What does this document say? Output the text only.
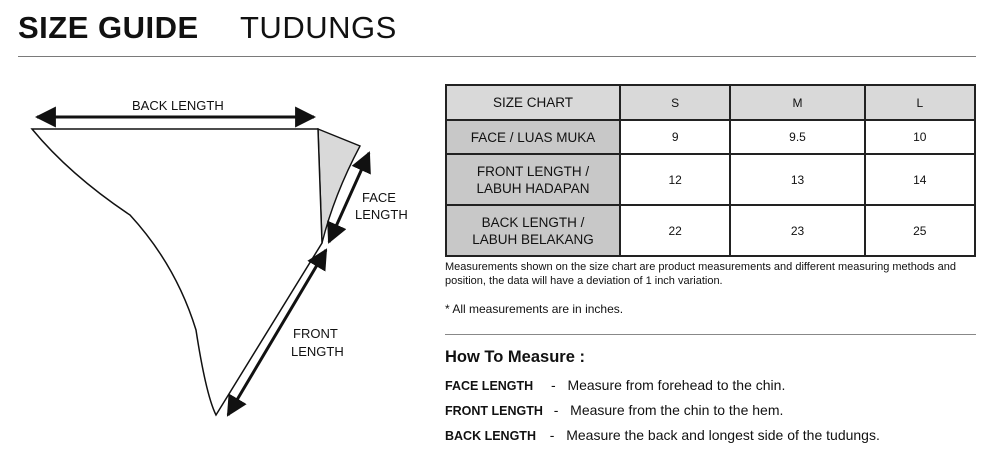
SIZE GUIDE TUDUNGS
BACK LENGTH
FACE
LENGTH
FRONT
LENGTH
SIZE CHART	S	M	L

FACE / LUAS MUKA	9	9.5	10

FRONT LENGTH /
LABUH HADAPAN	12	13	14

BACK LENGTH /
LABUH BELAKANG	22	23	25
Measurements shown on the size chart are product measurements and different measuring methods and
position, the data will have a deviation of 1 inch variation.
* All measurements are in inches.
How To Measure :
FACE LENGTH - Measure from forehead to the chin.
FRONT LENGTH - Measure from the chin to the hem.
BACK LENGTH - Measure the back and longest side of the tudungs.
